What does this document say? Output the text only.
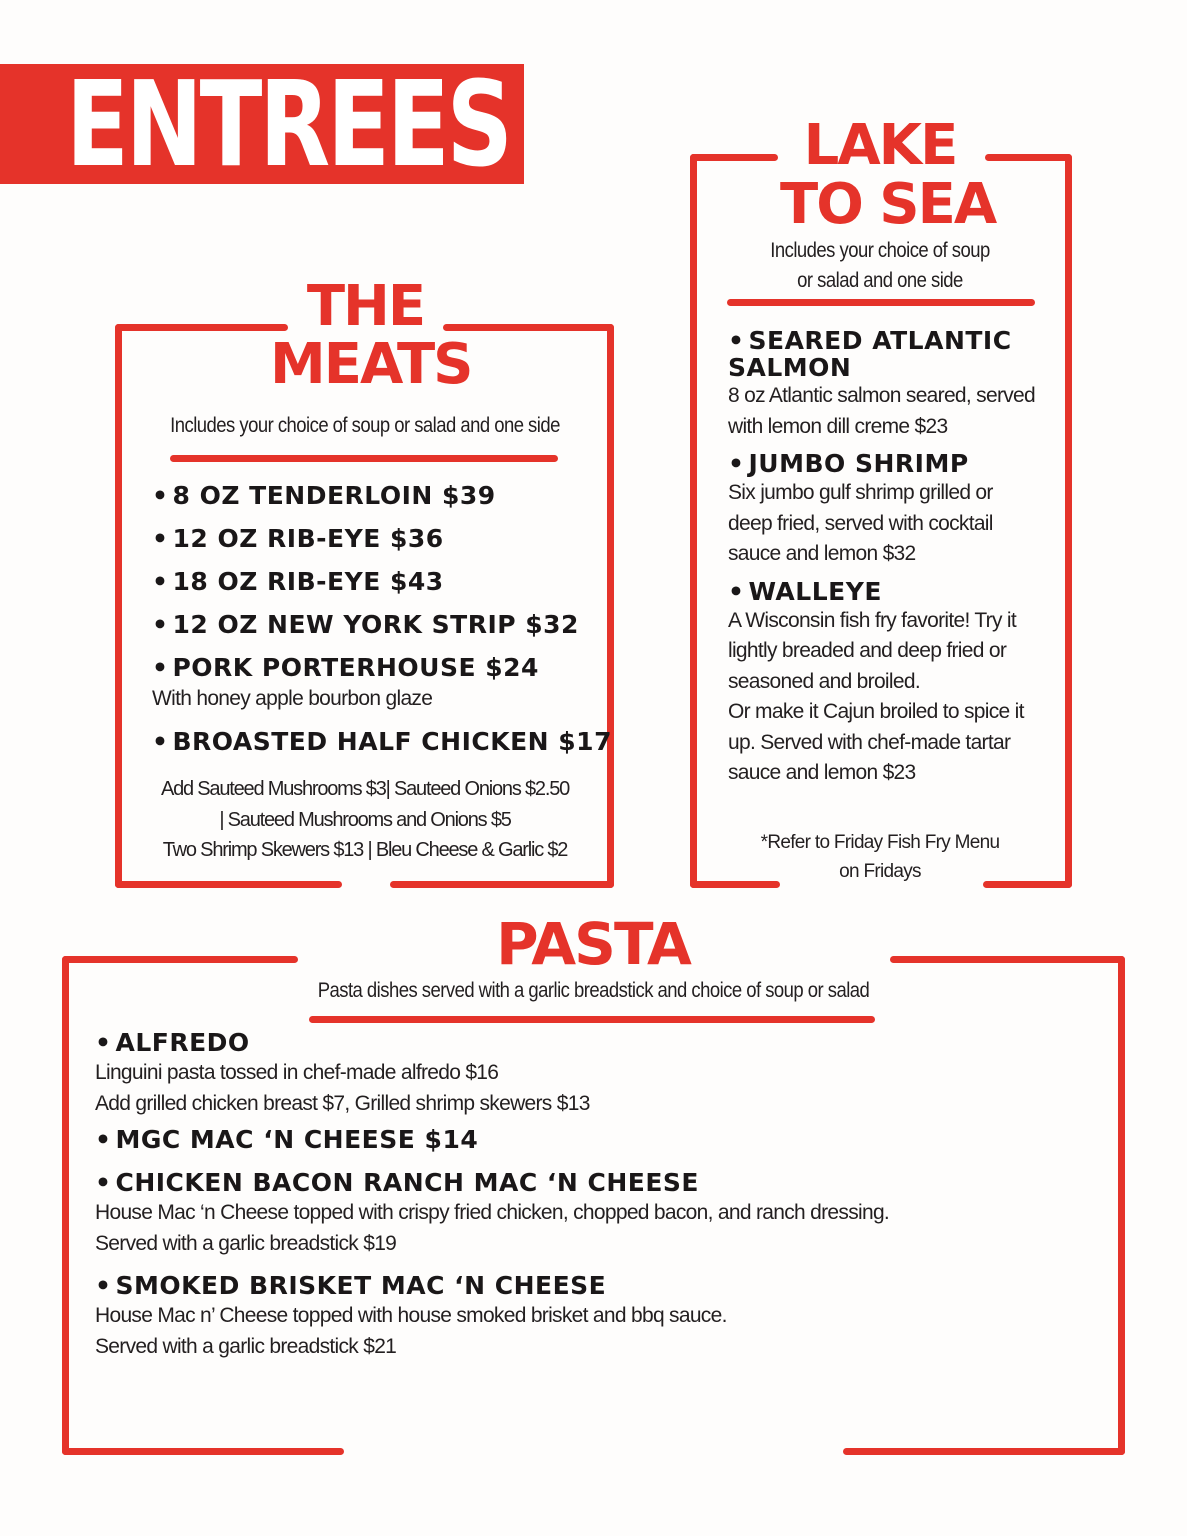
ENTREES
THE
MEATS
Includes your choice of soup or salad and one side
• 8 OZ TENDERLOIN $39
• 12 OZ RIB-EYE $36
• 18 OZ RIB-EYE $43
• 12 OZ NEW YORK STRIP $32
• PORK PORTERHOUSE $24
With honey apple bourbon glaze
• BROASTED HALF CHICKEN $17
Add Sauteed Mushrooms $3| Sauteed Onions $2.50
| Sauteed Mushrooms and Onions $5
Two Shrimp Skewers $13 | Bleu Cheese & Garlic $2
LAKE
TO SEA
Includes your choice of soup
or salad and one side
• SEARED ATLANTIC
SALMON
8 oz Atlantic salmon seared, served
with lemon dill creme $23
• JUMBO SHRIMP
Six jumbo gulf shrimp grilled or
deep fried, served with cocktail
sauce and lemon $32
• WALLEYE
A Wisconsin fish fry favorite! Try it
lightly breaded and deep fried or
seasoned and broiled.
Or make it Cajun broiled to spice it
up. Served with chef-made tartar
sauce and lemon $23
*Refer to Friday Fish Fry Menu
on Fridays
PASTA
Pasta dishes served with a garlic breadstick and choice of soup or salad
• ALFREDO
Linguini pasta tossed in chef-made alfredo $16
Add grilled chicken breast $7, Grilled shrimp skewers $13
• MGC MAC ‘N CHEESE $14
• CHICKEN BACON RANCH MAC ‘N CHEESE
House Mac ‘n Cheese topped with crispy fried chicken, chopped bacon, and ranch dressing.
Served with a garlic breadstick $19
• SMOKED BRISKET MAC ‘N CHEESE
House Mac n’ Cheese topped with house smoked brisket and bbq sauce.
Served with a garlic breadstick $21
